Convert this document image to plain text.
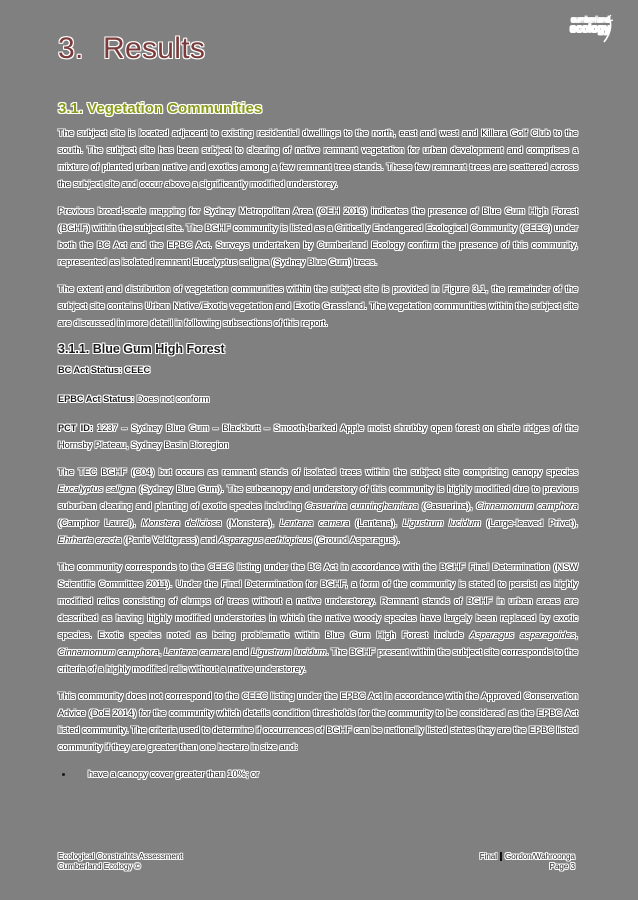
3. Results
cumberland
ecology
3.1. Vegetation Communities

The subject site is located adjacent to existing residential dwellings to the north, east and west and Killara Golf Club to the south. The subject site has been subject to clearing of native remnant vegetation for urban development and comprises a mixture of planted urban native and exotics among a few remnant tree stands. These few remnant trees are scattered across the subject site and occur above a significantly modified understorey.

Previous broad-scale mapping for Sydney Metropolitan Area (OEH 2016) indicates the presence of Blue Gum High Forest (BGHF) within the subject site. The BGHF community is listed as a Critically Endangered Ecological Community (CEEC) under both the BC Act and the EPBC Act. Surveys undertaken by Cumberland Ecology confirm the presence of this community, represented as isolated remnant Eucalyptus saligna (Sydney Blue Gum) trees.

The extent and distribution of vegetation communities within the subject site is provided in Figure 3.1, the remainder of the subject site contains Urban Native/Exotic vegetation and Exotic Grassland. The vegetation communities within the subject site are discussed in more detail in following subsections of this report.

3.1.1. Blue Gum High Forest

BC Act Status: CEEC

EPBC Act Status: Does not conform

PCT ID: 1237 – Sydney Blue Gum – Blackbutt – Smooth-barked Apple moist shrubby open forest on shale ridges of the Hornsby Plateau, Sydney Basin Bioregion

The TEC BGHF (C04) but occurs as remnant stands of isolated trees within the subject site comprising canopy species Eucalyptus saligna (Sydney Blue Gum). The subcanopy and understory of this community is highly modified due to previous suburban clearing and planting of exotic species including Casuarina cunninghamiana (Casuarina), Cinnamomum camphora (Camphor Laurel), Monstera deliciosa (Monstera), Lantana camara (Lantana), Ligustrum lucidum (Large-leaved Privet), Ehrharta erecta (Panic Veldtgrass) and Asparagus aethiopicus (Ground Asparagus).

The community corresponds to the CEEC listing under the BC Act in accordance with the BGHF Final Determination (NSW Scientific Committee 2011). Under the Final Determination for BGHF, a form of the community is stated to persist as highly modified relics consisting of clumps of trees without a native understorey. Remnant stands of BGHF in urban areas are described as having highly modified understories in which the native woody species have largely been replaced by exotic species. Exotic species noted as being problematic within Blue Gum High Forest include Asparagus asparagoides, Cinnamomum camphora, Lantana camara and Ligustrum lucidum. The BGHF present within the subject site corresponds to the criteria of a highly modified relic without a native understorey.

This community does not correspond to the CEEC listing under the EPBC Act in accordance with the Approved Conservation Advice (DoE 2014) for the community which details condition thresholds for the community to be considered as the EPBC Act listed community. The criteria used to determine if occurrences of BGHF can be nationally listed states they are the EPBC listed community if they are greater than one hectare in size and:

• have a canopy cover greater than 10%; or
Ecological Constraints Assessment
Cumberland Ecology ©
Final Gordon/Wahroonga
Page 3
